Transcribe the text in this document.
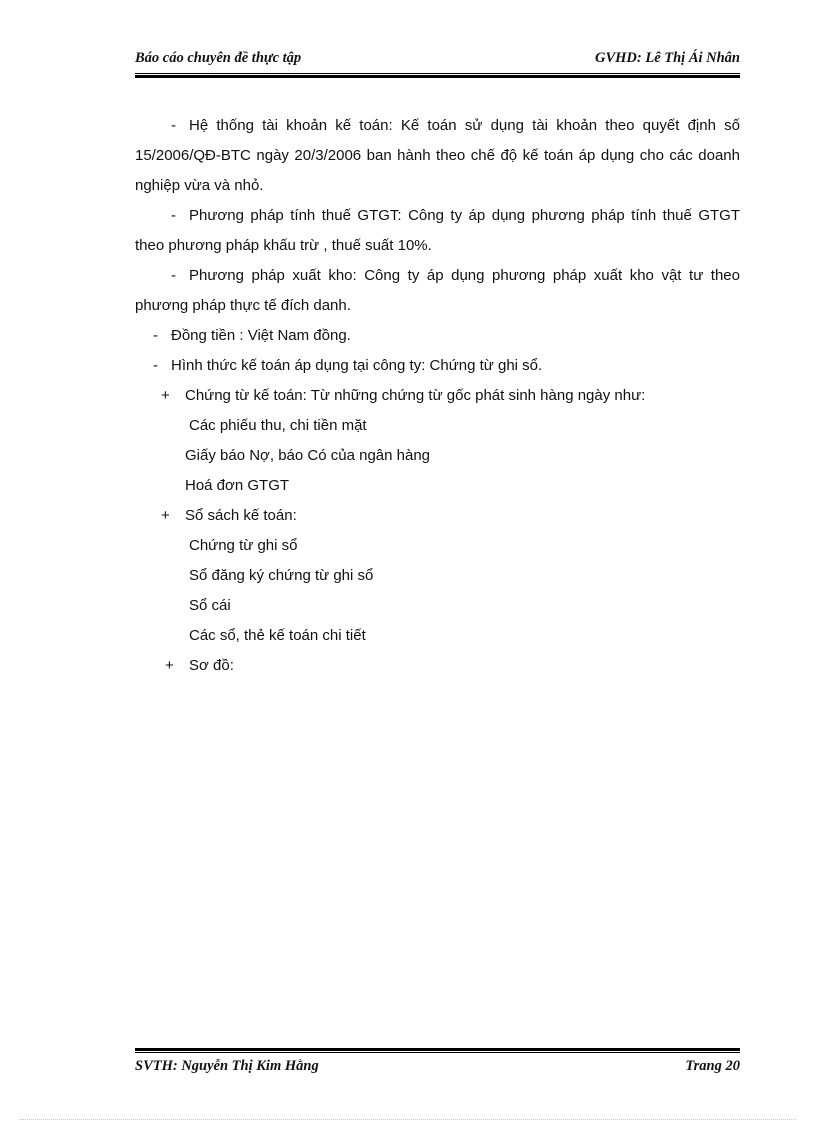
Báo cáo chuyên đề thực tập	GVHD: Lê Thị Ái Nhân

- Hệ thống tài khoản kế toán: Kế toán sử dụng tài khoản theo quyết định số 15/2006/QĐ-BTC ngày 20/3/2006 ban hành theo chế độ kế toán áp dụng cho các doanh nghiệp vừa và nhỏ.

- Phương pháp tính thuế GTGT: Công ty áp dụng phương pháp tính thuế GTGT theo phương pháp khấu trừ , thuế suất 10%.

- Phương pháp xuất kho: Công ty áp dụng phương pháp xuất kho vật tư theo phương pháp thực tế đích danh.

- Đồng tiền : Việt Nam đồng.

- Hình thức kế toán áp dụng tại công ty: Chứng từ ghi sổ.

+ Chứng từ kế toán: Từ những chứng từ gốc phát sinh hàng ngày như:

Các phiếu thu, chi tiền mặt

Giấy báo Nợ, báo Có của ngân hàng

Hoá đơn GTGT

+ Sổ sách kế toán:

Chứng từ ghi sổ

Sổ đăng ký chứng từ ghi sổ

Sổ cái

Các sổ, thẻ kế toán chi tiết

+ Sơ đồ:

SVTH: Nguyễn Thị Kim Hằng	Trang 20
